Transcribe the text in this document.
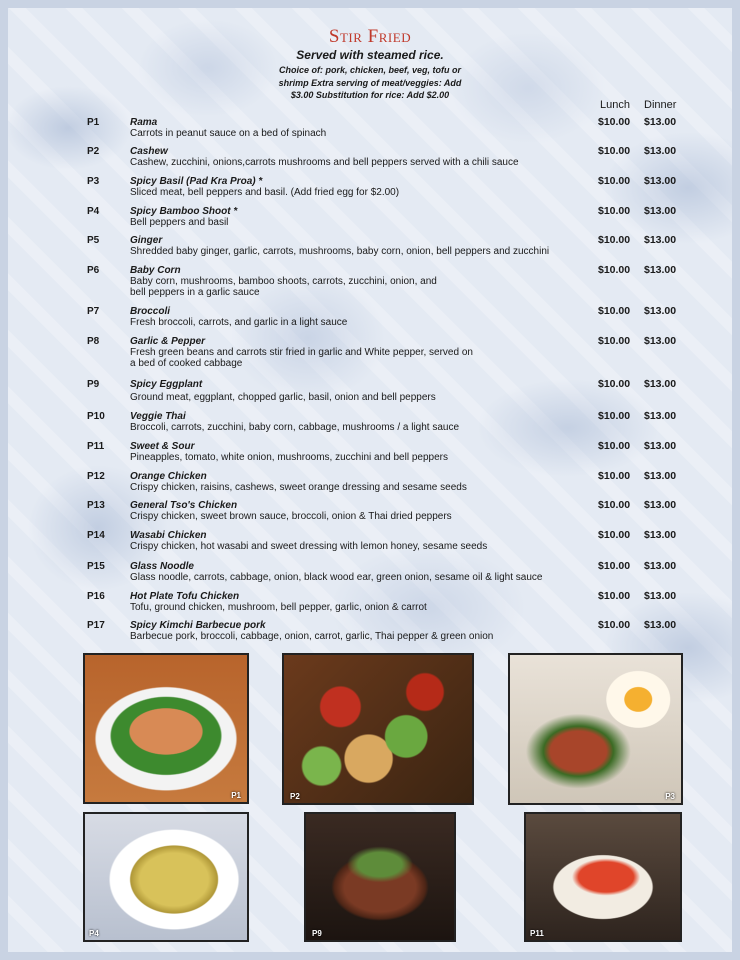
Stir Fried
Served with steamed rice.
Choice of: pork, chicken, beef, veg, tofu or
shrimp Extra serving of meat/veggies: Add
$3.00 Substitution for rice: Add $2.00
Lunch Dinner
P1	Rama
Carrots in peanut sauce on a bed of spinach
$10.00 $13.00
P2	Cashew
Cashew, zucchini, onions,carrots mushrooms and bell peppers served with a chili sauce
$10.00 $13.00
P3	Spicy Basil (Pad Kra Proa) *
Sliced meat, bell peppers and basil. (Add fried egg for $2.00)
$10.00 $13.00
P4	Spicy Bamboo Shoot *
Bell peppers and basil
$10.00 $13.00
P5	Ginger
Shredded baby ginger, garlic, carrots, mushrooms, baby corn, onion, bell peppers and zucchini
$10.00 $13.00
P6	Baby Corn
Baby corn, mushrooms, bamboo shoots, carrots, zucchini, onion, and
bell peppers in a garlic sauce
$10.00 $13.00
P7	Broccoli
Fresh broccoli, carrots, and garlic in a light sauce
$10.00 $13.00
P8	Garlic & Pepper
Fresh green beans and carrots stir fried in garlic and White pepper, served on
a bed of cooked cabbage
$10.00 $13.00
P9	Spicy Eggplant
Ground meat, eggplant, chopped garlic, basil, onion and bell peppers
$10.00 $13.00
P10	Veggie Thai
Broccoli, carrots, zucchini, baby corn, cabbage, mushrooms / a light sauce
$10.00 $13.00
P11	Sweet & Sour
Pineapples, tomato, white onion, mushrooms, zucchini and bell peppers
$10.00 $13.00
P12	Orange Chicken
Crispy chicken, raisins, cashews, sweet orange dressing and sesame seeds
$10.00 $13.00
P13	General Tso's Chicken
Crispy chicken, sweet brown sauce, broccoli, onion & Thai dried peppers
$10.00 $13.00
P14	Wasabi Chicken
Crispy chicken, hot wasabi and sweet dressing with lemon honey, sesame seeds
$10.00 $13.00
P15	Glass Noodle
Glass noodle, carrots, cabbage, onion, black wood ear, green onion, sesame oil & light sauce
$10.00 $13.00
P16	Hot Plate Tofu Chicken
Tofu, ground chicken, mushroom, bell pepper, garlic, onion & carrot
$10.00 $13.00
P17	Spicy Kimchi Barbecue pork
Barbecue pork, broccoli, cabbage, onion, carrot, garlic, Thai pepper & green onion
$10.00 $13.00
P1	P2	P3
P4	P9	P11
